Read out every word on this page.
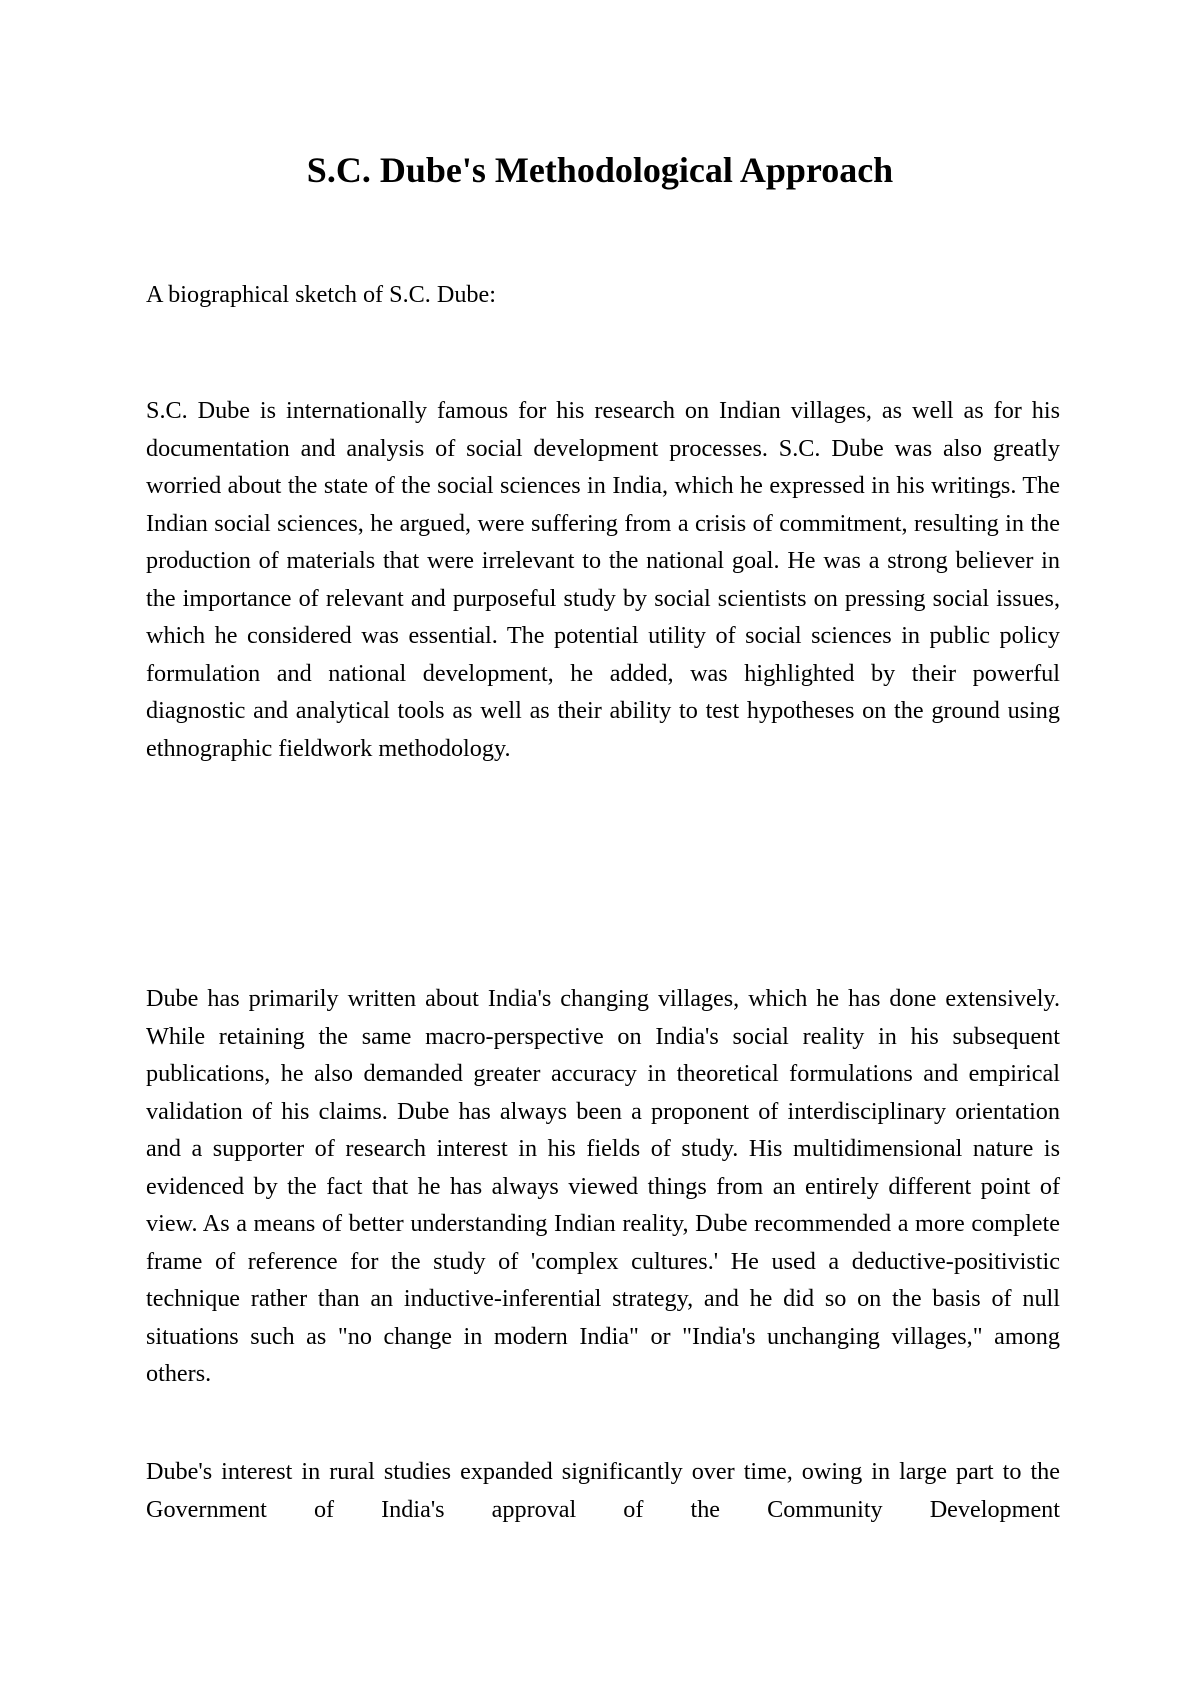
S.C. Dube's Methodological Approach

A biographical sketch of S.C. Dube:

S.C. Dube is internationally famous for his research on Indian villages, as well as for his documentation and analysis of social development processes. S.C. Dube was also greatly worried about the state of the social sciences in India, which he expressed in his writings. The Indian social sciences, he argued, were suffering from a crisis of commitment, resulting in the production of materials that were irrelevant to the national goal. He was a strong believer in the importance of relevant and purposeful study by social scientists on pressing social issues, which he considered was essential. The potential utility of social sciences in public policy formulation and national development, he added, was highlighted by their powerful diagnostic and analytical tools as well as their ability to test hypotheses on the ground using ethnographic fieldwork methodology.

Dube has primarily written about India's changing villages, which he has done extensively. While retaining the same macro-perspective on India's social reality in his subsequent publications, he also demanded greater accuracy in theoretical formulations and empirical validation of his claims. Dube has always been a proponent of interdisciplinary orientation and a supporter of research interest in his fields of study. His multidimensional nature is evidenced by the fact that he has always viewed things from an entirely different point of view. As a means of better understanding Indian reality, Dube recommended a more complete frame of reference for the study of 'complex cultures.' He used a deductive-positivistic technique rather than an inductive-inferential strategy, and he did so on the basis of null situations such as "no change in modern India" or "India's unchanging villages," among others.

Dube's interest in rural studies expanded significantly over time, owing in large part to the Government of India's approval of the Community Development
